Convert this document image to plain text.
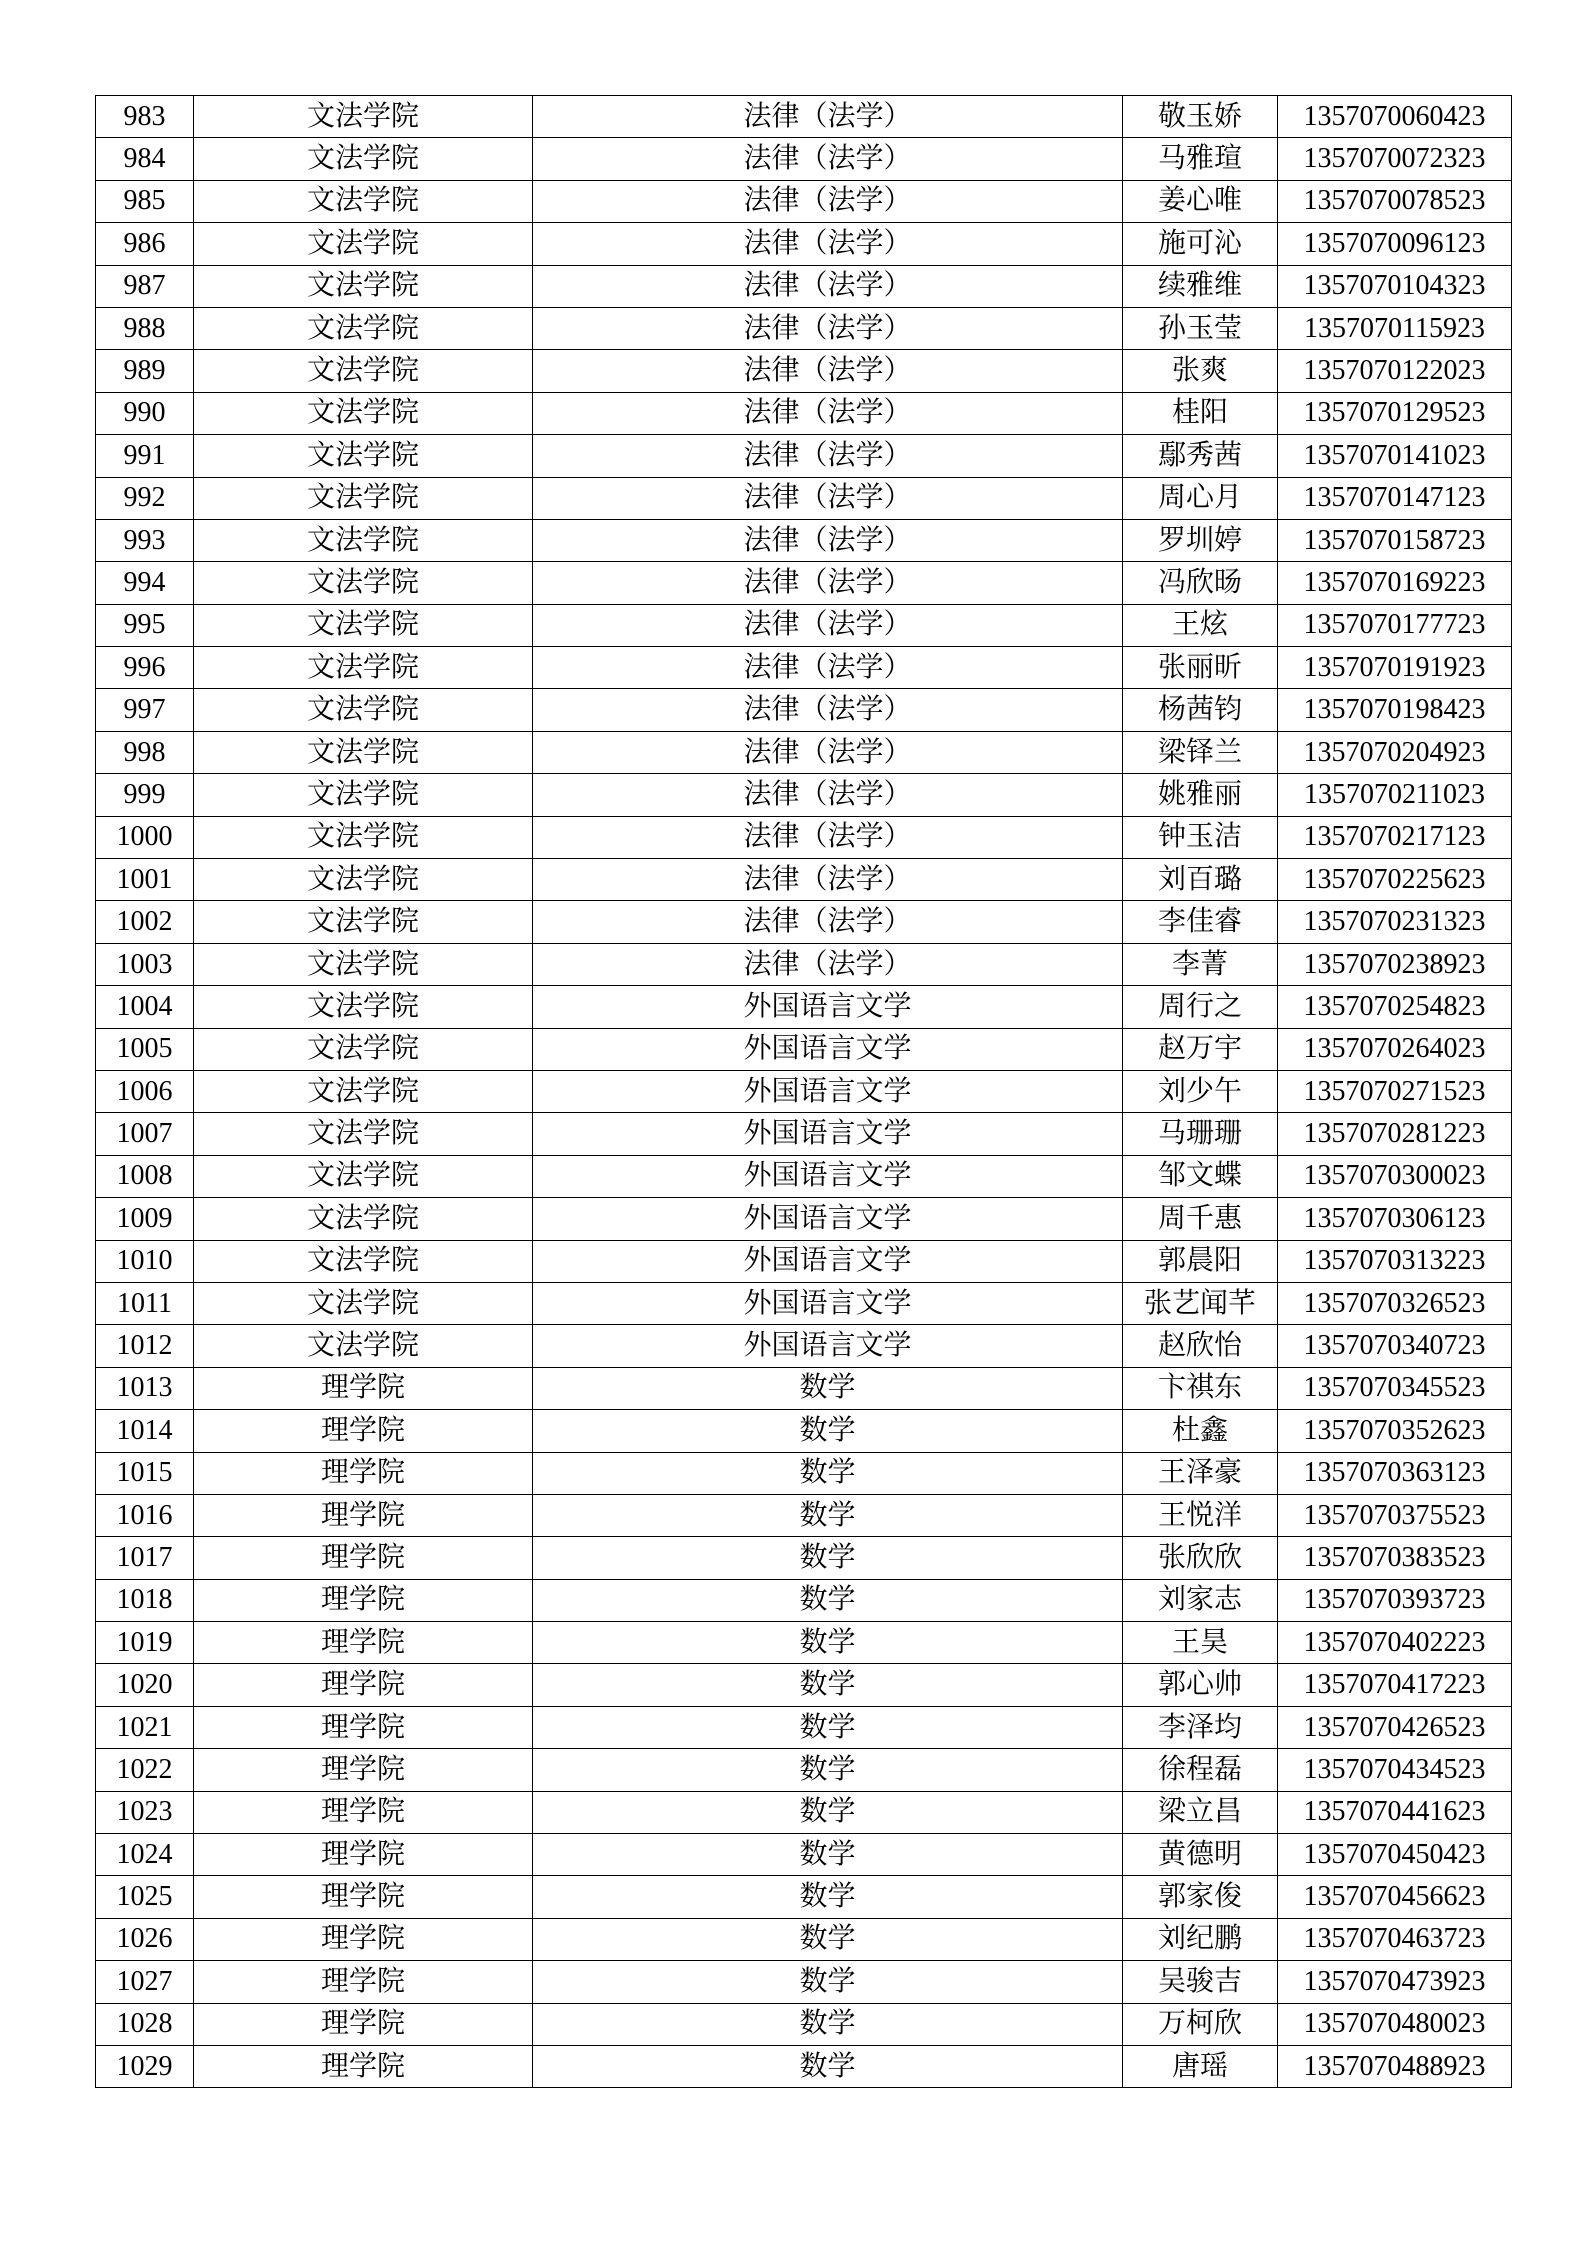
983	文法学院	法律（法学）	敬玉娇	1357070060423
984	文法学院	法律（法学）	马雅瑄	1357070072323
985	文法学院	法律（法学）	姜心唯	1357070078523
986	文法学院	法律（法学）	施可沁	1357070096123
987	文法学院	法律（法学）	续雅维	1357070104323
988	文法学院	法律（法学）	孙玉莹	1357070115923
989	文法学院	法律（法学）	张爽	1357070122023
990	文法学院	法律（法学）	桂阳	1357070129523
991	文法学院	法律（法学）	鄢秀茜	1357070141023
992	文法学院	法律（法学）	周心月	1357070147123
993	文法学院	法律（法学）	罗圳婷	1357070158723
994	文法学院	法律（法学）	冯欣旸	1357070169223
995	文法学院	法律（法学）	王炫	1357070177723
996	文法学院	法律（法学）	张丽昕	1357070191923
997	文法学院	法律（法学）	杨茜钧	1357070198423
998	文法学院	法律（法学）	梁铎兰	1357070204923
999	文法学院	法律（法学）	姚雅丽	1357070211023
1000	文法学院	法律（法学）	钟玉洁	1357070217123
1001	文法学院	法律（法学）	刘百璐	1357070225623
1002	文法学院	法律（法学）	李佳睿	1357070231323
1003	文法学院	法律（法学）	李菁	1357070238923
1004	文法学院	外国语言文学	周行之	1357070254823
1005	文法学院	外国语言文学	赵万宇	1357070264023
1006	文法学院	外国语言文学	刘少午	1357070271523
1007	文法学院	外国语言文学	马珊珊	1357070281223
1008	文法学院	外国语言文学	邹文蝶	1357070300023
1009	文法学院	外国语言文学	周千惠	1357070306123
1010	文法学院	外国语言文学	郭晨阳	1357070313223
1011	文法学院	外国语言文学	张艺闻芊	1357070326523
1012	文法学院	外国语言文学	赵欣怡	1357070340723
1013	理学院	数学	卞祺东	1357070345523
1014	理学院	数学	杜鑫	1357070352623
1015	理学院	数学	王泽豪	1357070363123
1016	理学院	数学	王悦洋	1357070375523
1017	理学院	数学	张欣欣	1357070383523
1018	理学院	数学	刘家志	1357070393723
1019	理学院	数学	王昊	1357070402223
1020	理学院	数学	郭心帅	1357070417223
1021	理学院	数学	李泽均	1357070426523
1022	理学院	数学	徐程磊	1357070434523
1023	理学院	数学	梁立昌	1357070441623
1024	理学院	数学	黄德明	1357070450423
1025	理学院	数学	郭家俊	1357070456623
1026	理学院	数学	刘纪鹏	1357070463723
1027	理学院	数学	吴骏吉	1357070473923
1028	理学院	数学	万柯欣	1357070480023
1029	理学院	数学	唐瑶	1357070488923
